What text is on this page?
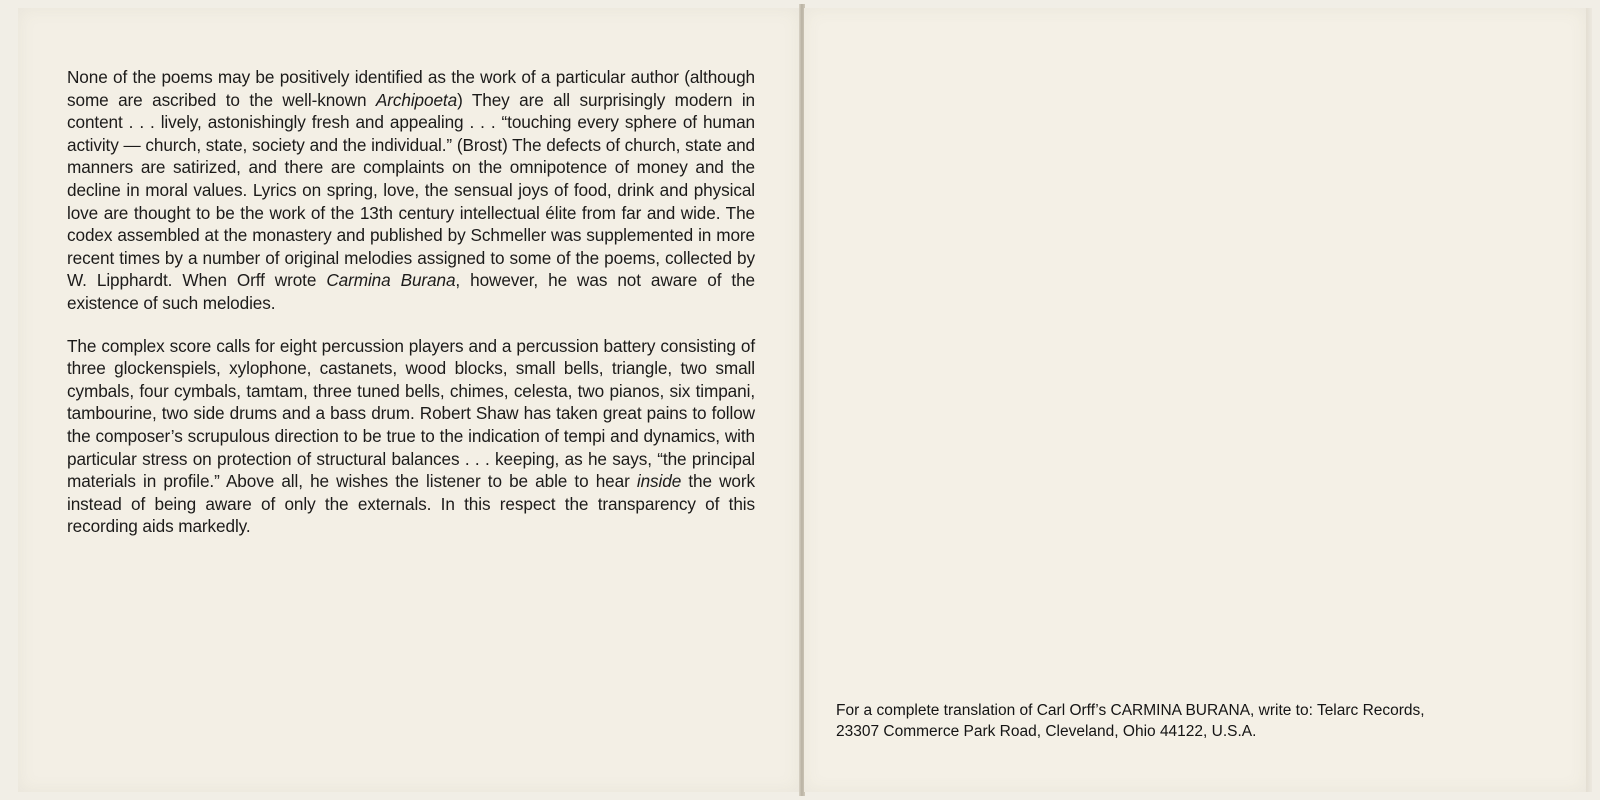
None of the poems may be positively identified as the work of a particular author (although some are ascribed to the well-known Archipoeta) They are all surprisingly modern in content . . . lively, astonishingly fresh and appealing . . . “touching every sphere of human activity — church, state, society and the individual.” (Brost) The defects of church, state and manners are satirized, and there are complaints on the omnipotence of money and the decline in moral values. Lyrics on spring, love, the sensual joys of food, drink and physical love are thought to be the work of the 13th century intellectual élite from far and wide. The codex assembled at the monastery and published by Schmeller was supplemented in more recent times by a number of original melodies assigned to some of the poems, collected by W. Lipphardt. When Orff wrote Carmina Burana, however, he was not aware of the existence of such melodies.

The complex score calls for eight percussion players and a percussion battery consisting of three glockenspiels, xylophone, castanets, wood blocks, small bells, triangle, two small cymbals, four cymbals, tamtam, three tuned bells, chimes, celesta, two pianos, six timpani, tambourine, two side drums and a bass drum. Robert Shaw has taken great pains to follow the composer’s scrupulous direction to be true to the indication of tempi and dynamics, with particular stress on protection of structural balances . . . keeping, as he says, “the principal materials in profile.” Above all, he wishes the listener to be able to hear inside the work instead of being aware of only the externals. In this respect the transparency of this recording aids markedly.

For a complete translation of Carl Orff’s CARMINA BURANA, write to: Telarc Records,
23307 Commerce Park Road, Cleveland, Ohio 44122, U.S.A.
